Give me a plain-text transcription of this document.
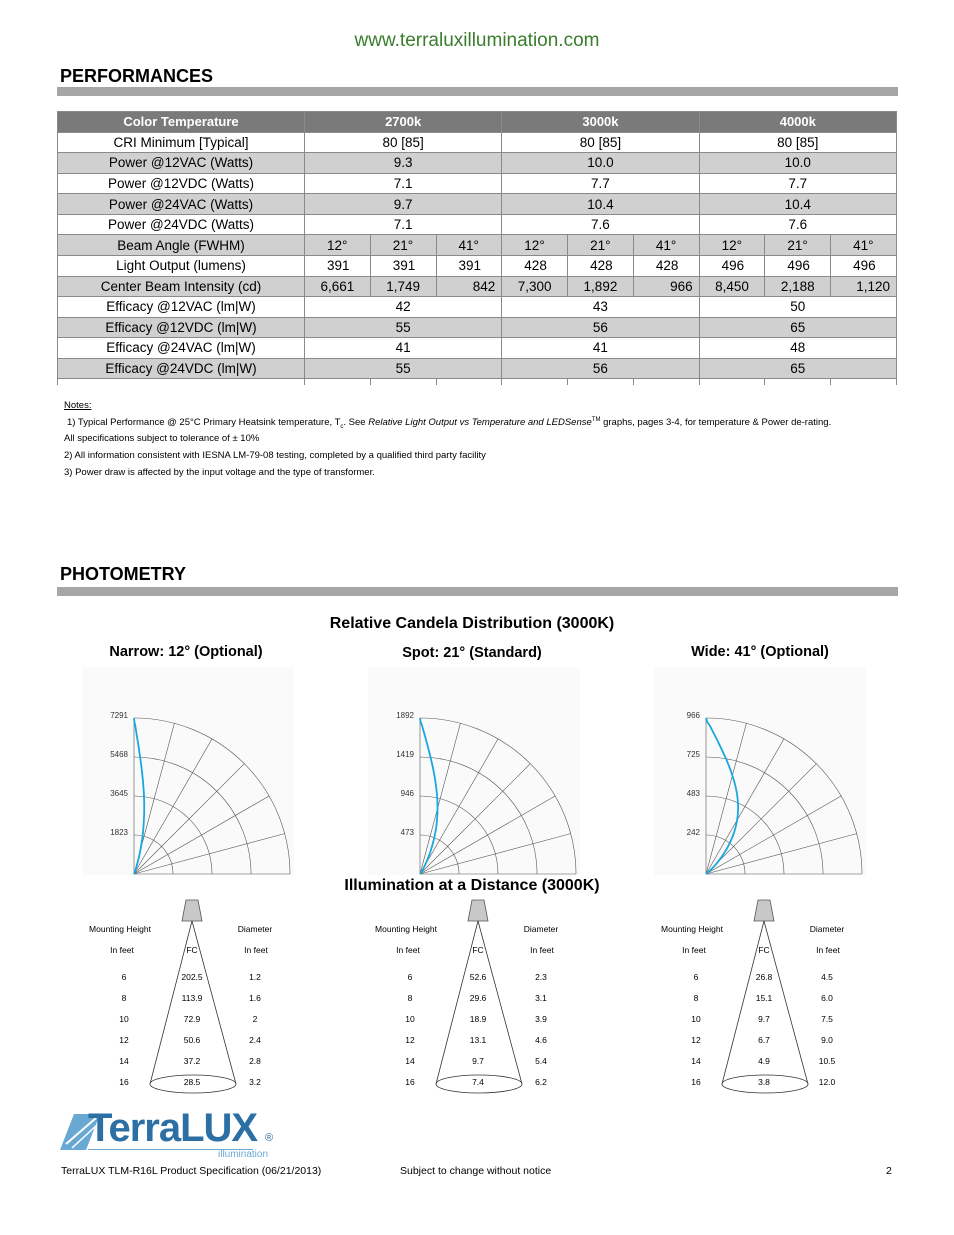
www.terraluxillumination.com
PERFORMANCES
Color Temperature	2700k			3000k			4000k		
CRI Minimum [Typical]	80 [85]			80 [85]			80 [85]		
Power @12VAC (Watts)	9.3			10.0			10.0		
Power @12VDC (Watts)	7.1			7.7			7.7		
Power @24VAC (Watts)	9.7			10.4			10.4		
Power @24VDC (Watts)	7.1			7.6			7.6		
Beam Angle (FWHM)	12°	21°	41°	12°	21°	41°	12°	21°	41°
Light Output (lumens)	391	391	391	428	428	428	496	496	496
Center Beam Intensity (cd)	6,661	1,749	842	7,300	1,892	966	8,450	2,188	1,120
Efficacy @12VAC (lm|W)	42			43			50		
Efficacy @12VDC (lm|W)	55			56			65		
Efficacy @24VAC (lm|W)	41			41			48		
Efficacy @24VDC (lm|W)	55			56			65		

Notes:
1) Typical Performance @ 25°C Primary Heatsink temperature, $T_c$. See Relative Light Output vs Temperature and LEDSense™ graphs, pages 3-4, for temperature & Power de-rating.
All specifications subject to tolerance of ± 10%
2) All information consistent with IESNA LM-79-08 testing, completed by a qualified third party facility
3) Power draw is affected by the input voltage and the type of transformer.
PHOTOMETRY
Relative Candela Distribution (3000K)
Illumination at a Distance (3000K)
Narrow: 12° (Optional)
7291
5468
3645
1823
Mounting Height
In feet	FC
Diameter
In feet
6	202.5	1.2
8	113.9	1.6
10	72.9	2
12	50.6	2.4
14	37.2	2.8
16	28.5	3.2
Spot: 21° (Standard)
1892
1419
946
473
Mounting Height
In feet	FC
Diameter
In feet
6	52.6	2.3
8	29.6	3.1
10	18.9	3.9
12	13.1	4.6
14	9.7	5.4
16	7.4	6.2
Wide: 41° (Optional)
966
725
483
242
Mounting Height
In feet	FC
Diameter
In feet
6	26.8	4.5
8	15.1	6.0
10	9.7	7.5
12	6.7	9.0
14	4.9	10.5
16	3.8	12.0
TerraLUX ®
illumination
TerraLUX TLM-R16L Product Specification (06/21/2013)	Subject to change without notice	2
